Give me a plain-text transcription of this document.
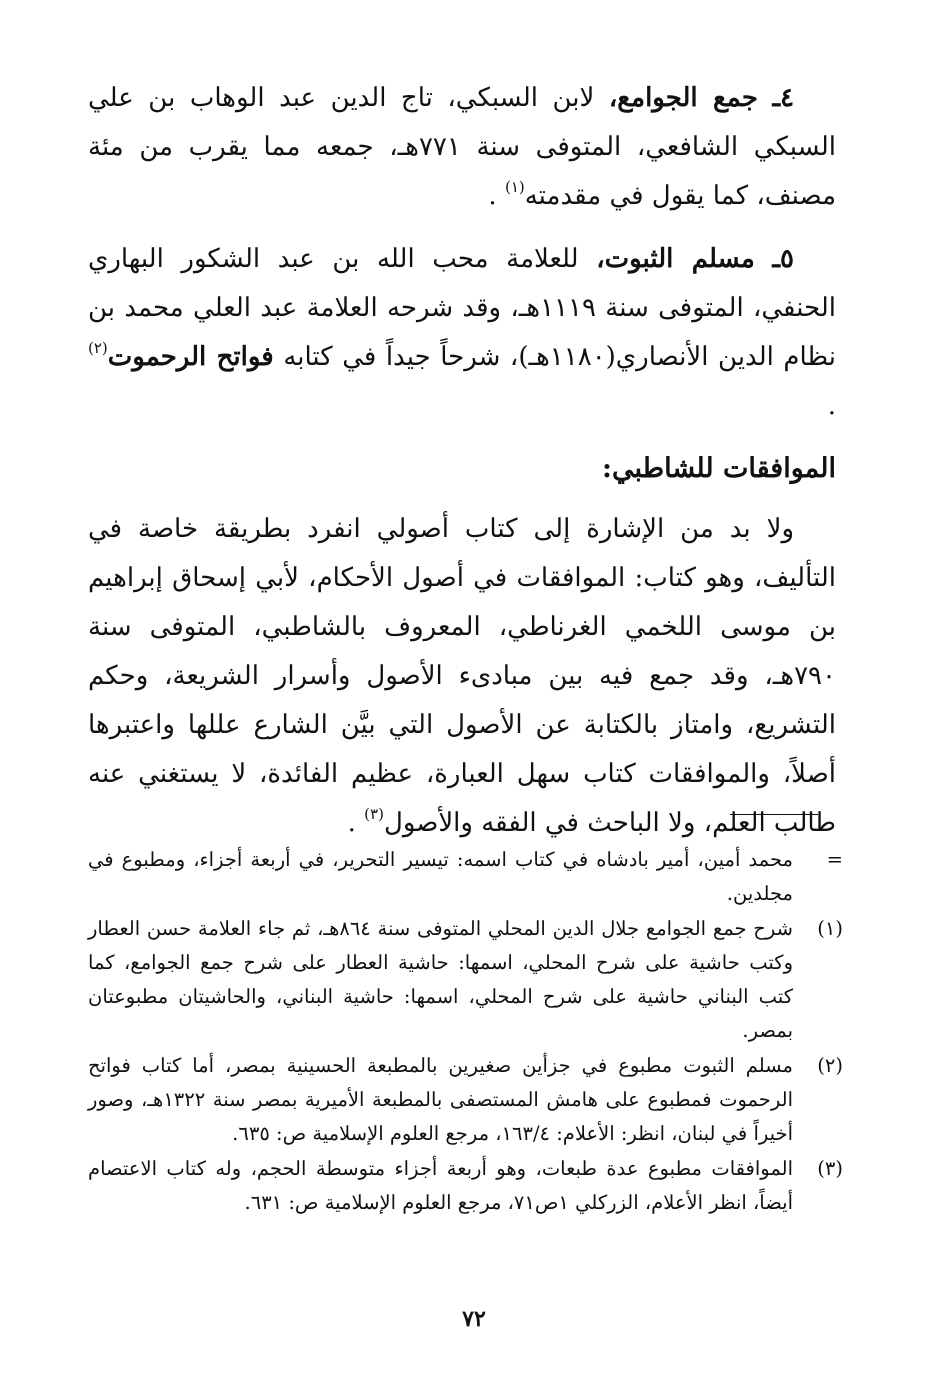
٤ـ جمع الجوامع، لابن السبكي، تاج الدين عبد الوهاب بن علي السبكي الشافعي، المتوفى سنة ٧٧١هـ، جمعه مما يقرب من مئة مصنف، كما يقول في مقدمته$^{(١)}$ .

٥ـ مسلم الثبوت، للعلامة محب الله بن عبد الشكور البهاري الحنفي، المتوفى سنة ١١١٩هـ، وقد شرحه العلامة عبد العلي محمد بن نظام الدين الأنصاري(١١٨٠هـ)، شرحاً جيداً في كتابه فواتح الرحموت$^{(٢)}$ .

الموافقات للشاطبي:

ولا بد من الإشارة إلى كتاب أصولي انفرد بطريقة خاصة في التأليف، وهو كتاب: الموافقات في أصول الأحكام، لأبي إسحاق إبراهيم بن موسى اللخمي الغرناطي، المعروف بالشاطبي، المتوفى سنة ٧٩٠هـ، وقد جمع فيه بين مبادىء الأصول وأسرار الشريعة، وحكم التشريع، وامتاز بالكتابة عن الأصول التي بيَّن الشارع عللها واعتبرها أصلاً، والموافقات كتاب سهل العبارة، عظيم الفائدة، لا يستغني عنه طالب العلم، ولا الباحث في الفقه والأصول$^{(٣)}$ .

=
محمد أمين، أمير بادشاه في كتاب اسمه: تيسير التحرير، في أربعة أجزاء، ومطبوع في مجلدين.
(١)
شرح جمع الجوامع جلال الدين المحلي المتوفى سنة ٨٦٤هـ، ثم جاء العلامة حسن العطار وكتب حاشية على شرح المحلي، اسمها: حاشية العطار على شرح جمع الجوامع، كما كتب البناني حاشية على شرح المحلي، اسمها: حاشية البناني، والحاشيتان مطبوعتان بمصر.
(٢)
مسلم الثبوت مطبوع في جزأين صغيرين بالمطبعة الحسينية بمصر، أما كتاب فواتح الرحموت فمطبوع على هامش المستصفى بالمطبعة الأميرية بمصر سنة ١٣٢٢هـ، وصور أخيراً في لبنان، انظر: الأعلام: ١٦٣/٤، مرجع العلوم الإسلامية ص: ٦٣٥.
(٣)
الموافقات مطبوع عدة طبعات، وهو أربعة أجزاء متوسطة الحجم، وله كتاب الاعتصام أيضاً، انظر الأعلام، الزركلي ١ص٧١، مرجع العلوم الإسلامية ص: ٦٣١.
٧٢
